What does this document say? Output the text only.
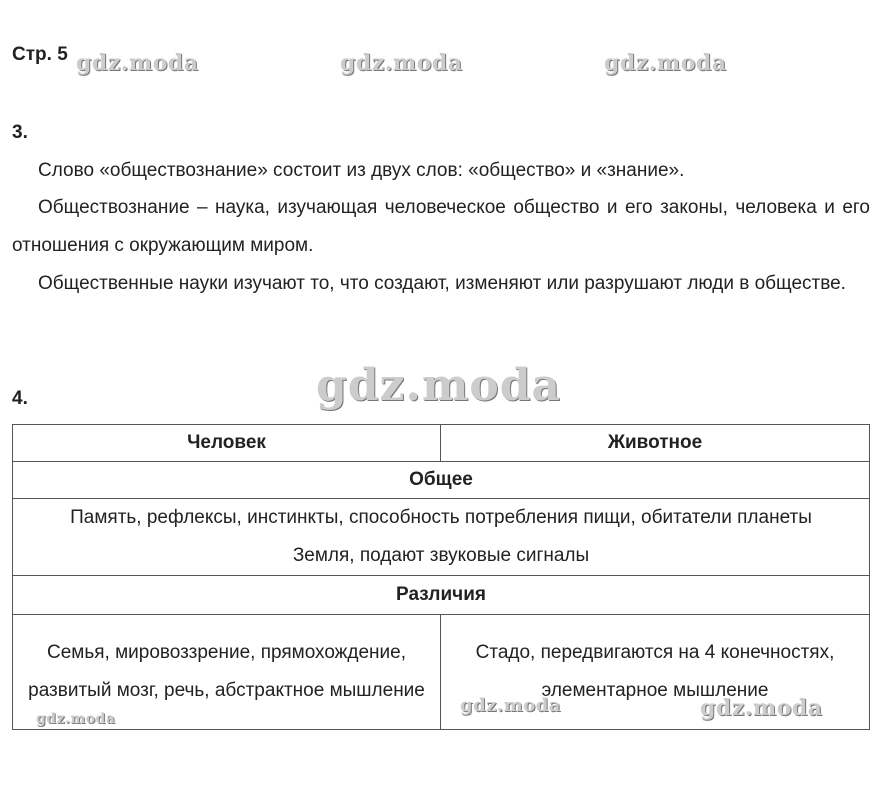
Стр. 5 gdz.moda	gdz.moda	gdz.moda
3.

Слово «обществознание» состоит из двух слов: «общество» и «знание».

Обществознание – наука, изучающая человеческое общество и его законы, человека и его отношения с окружающим миром.

Общественные науки изучают то, что создают, изменяют или разрушают люди в обществе.

4.	gdz.moda
Человек	Животное
Общее	
Память, рефлексы, инстинкты, способность потребления пищи, обитатели планеты Земля, подают звуковые сигналы	
Различия	
Семья, мировоззрение, прямохождение, развитый мозг, речь, абстрактное мышление	Стадо, передвигаются на 4 конечностях, элементарное мышление
gdz.moda
gdz.moda	gdz.moda
